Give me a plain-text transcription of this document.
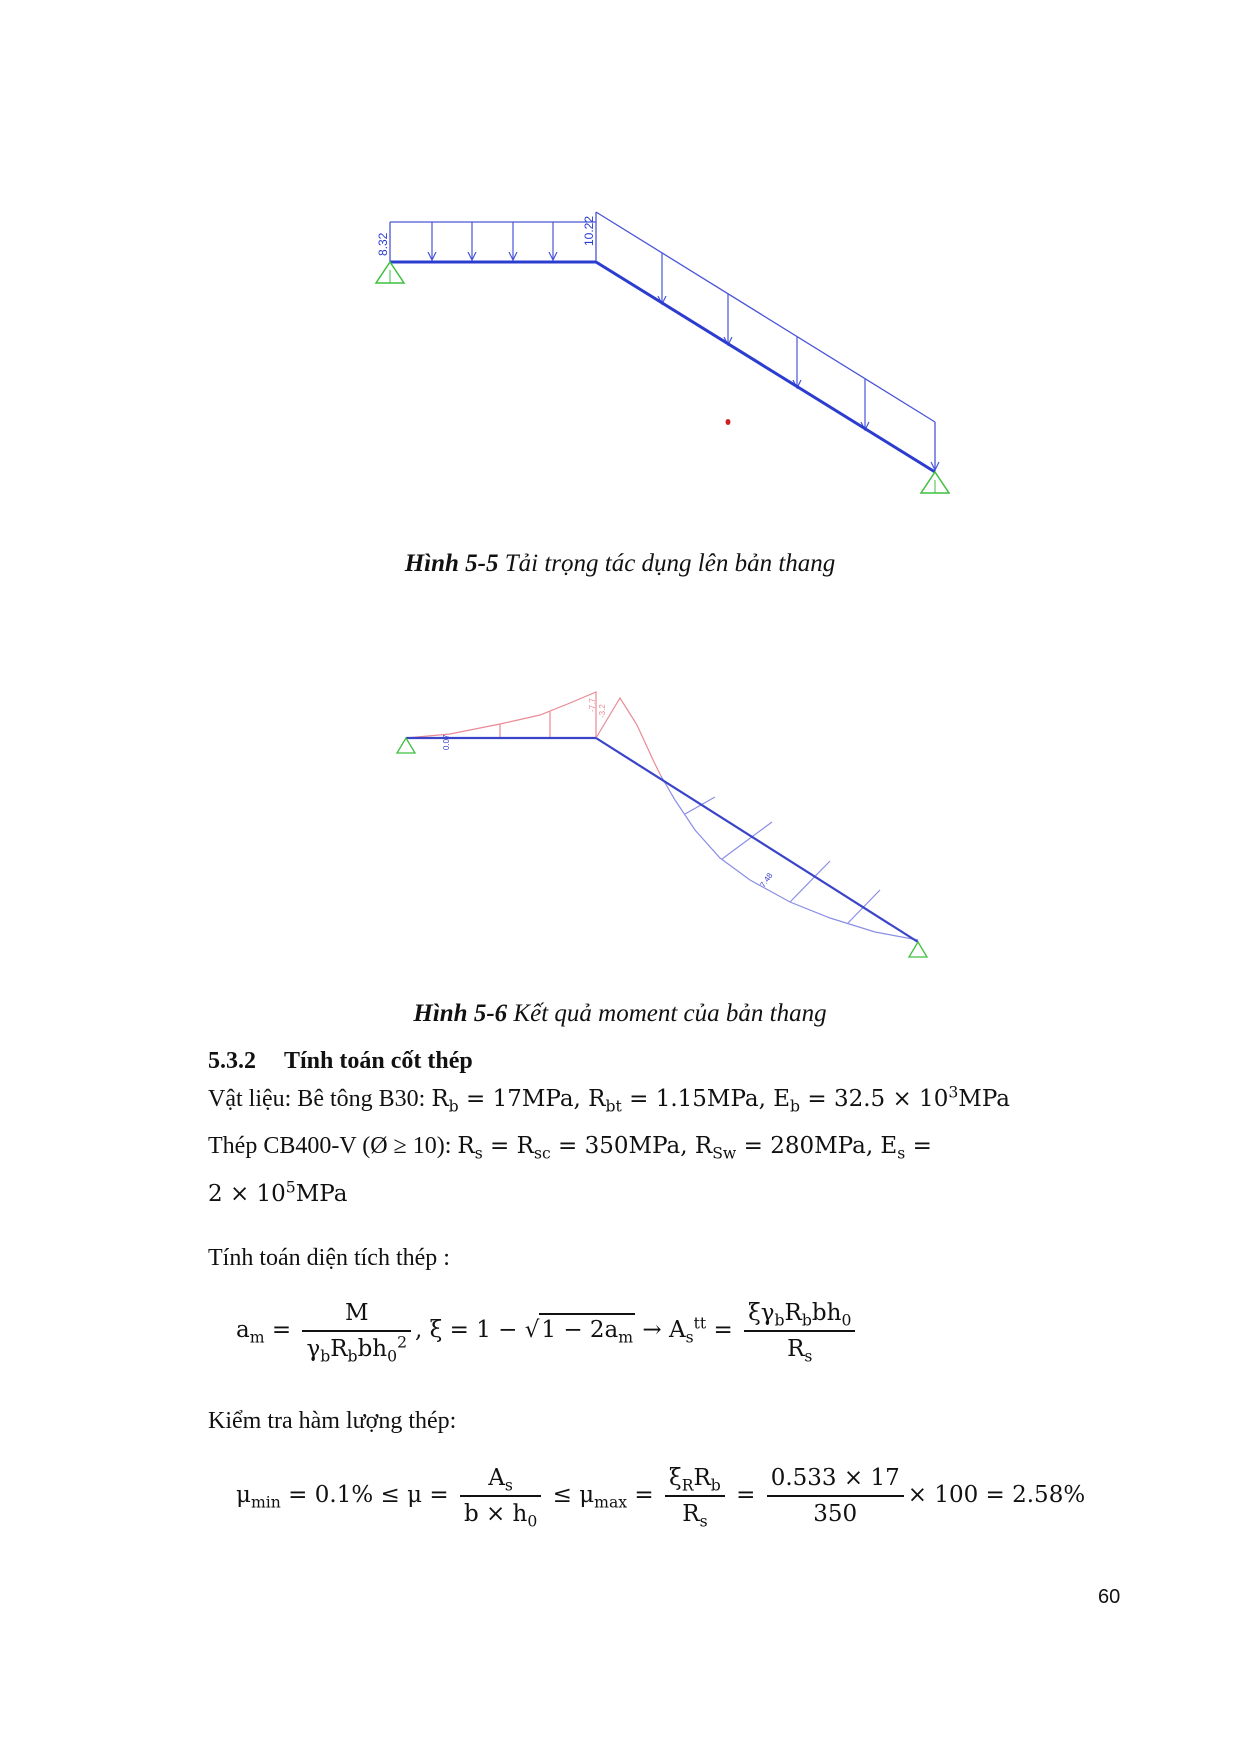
8.32	10.22
Hình 5-5 Tải trọng tác dụng lên bản thang
0.07
-7.7 -3.2
7.48
Hình 5-6 Kết quả moment của bản thang
5.3.2 Tính toán cốt thép
Vật liệu: Bê tông B30: $R_b = 17MPa$, $R_{bt} = 1.15MPa$, $E_b = 32.5 \times 10^3MPa$
Thép CB400-V (Ø ≥ 10): $R_s = R_{sc} = 350MPa$, $R_{Sw} = 280MPa$, $E_s$ =
$2 \times 10^5MPa$
Tính toán diện tích thép :
$a_m = \frac{M}{\gamma_bR_bbh_0^2}$ , $\xi = 1 - √1 - 2a_m \to A_s^{tt} = \frac{\xi\gamma_bR_bbh_0}{R_s}$
Kiểm tra hàm lượng thép:
$\mu_{min} = 0.1\% \le \mu = \frac{A_s}{b \times h_0} \le \mu_{max} = \frac{\xi_RR_b}{R_s} = \frac{0.533 \times 17}{350} \times 100 = 2.58\%$
60
